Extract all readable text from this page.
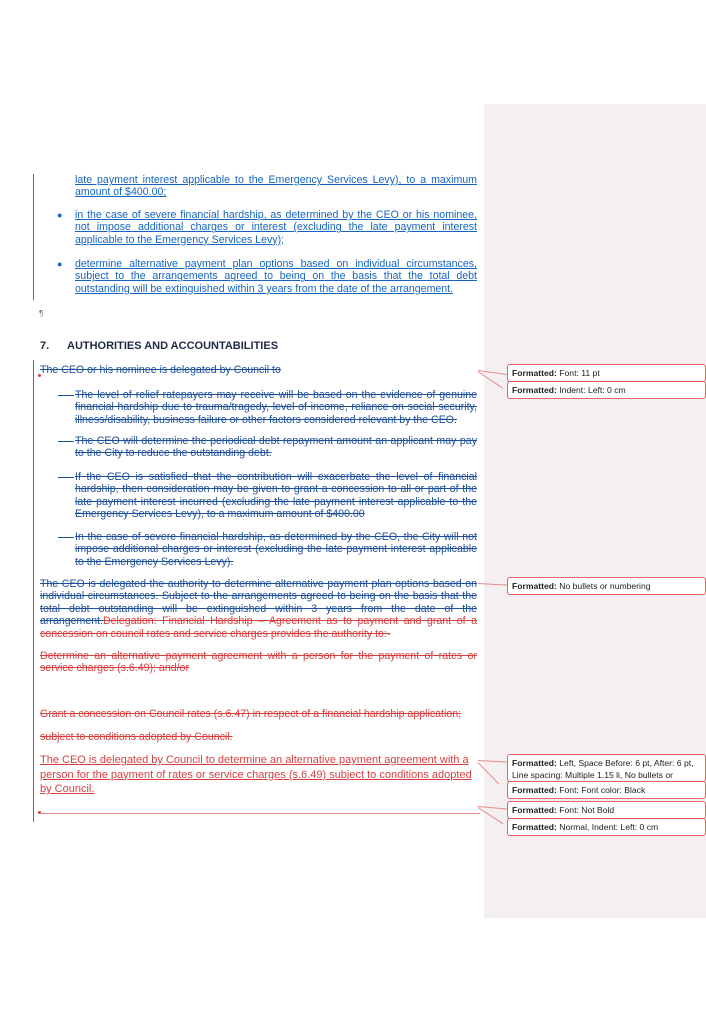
late payment interest applicable to the Emergency Services Levy), to a maximum amount of $400.00;
● in the case of severe financial hardship, as determined by the CEO or his nominee, not impose additional charges or interest (excluding the late payment interest applicable to the Emergency Services Levy);
● determine alternative payment plan options based on individual circumstances, subject to the arrangements agreed to being on the basis that the total debt outstanding will be extinguished within 3 years from the date of the arrangement.
¶
7. AUTHORITIES AND ACCOUNTABILITIES
The CEO or his nominee is delegated by Council to
The level of relief ratepayers may receive will be based on the evidence of genuine financial hardship due to trauma/tragedy, level of income, reliance on social security, illness/disability, business failure or other factors considered relevant by the CEO.
The CEO will determine the periodical debt repayment amount an applicant may pay to the City to reduce the outstanding debt.
If the CEO is satisfied that the contribution will exacerbate the level of financial hardship, then consideration may be given to grant a concession to all or part of the late payment interest incurred (excluding the late payment interest applicable to the Emergency Services Levy), to a maximum amount of $400.00
In the case of severe financial hardship, as determined by the CEO, the City will not impose additional charges or interest (excluding the late payment interest applicable to the Emergency Services Levy).
The CEO is delegated the authority to determine alternative payment plan options based on individual circumstances. Subject to the arrangements agreed to being on the basis that the total debt outstanding will be extinguished within 3 years from the date of the arrangement.Delegation: Financial Hardship – Agreement as to payment and grant of a concession on council rates and service charges provides the authority to:-
Determine an alternative payment agreement with a person for the payment of rates or service charges (s.6.49); and/or
Grant a concession on Council rates (s.6.47) in respect of a financial hardship application;
subject to conditions adopted by Council.
The CEO is delegated by Council to determine an alternative payment agreement with a person for the payment of rates or service charges (s.6.49) subject to conditions adopted by Council.
Formatted: Font: 11 pt
Formatted: Indent: Left: 0 cm
Formatted: No bullets or numbering
Formatted: Left, Space Before: 6 pt, After: 6 pt, Line spacing: Multiple 1.15 li, No bullets or
Formatted: Font: Font color: Black
Formatted: Font: Not Bold
Formatted: Normal, Indent: Left: 0 cm
